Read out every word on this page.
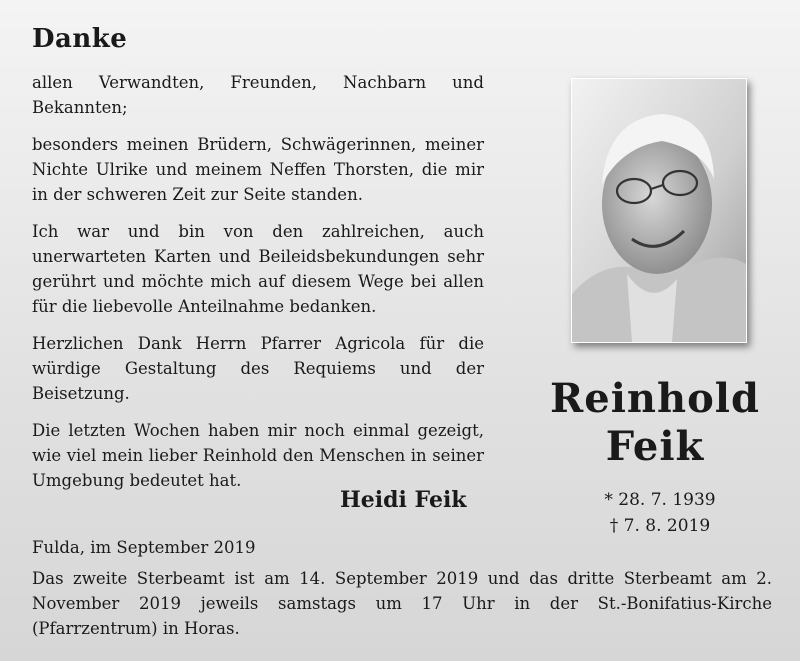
Danke

allen Verwandten, Freunden, Nachbarn und Bekannten;

besonders meinen Brüdern, Schwägerinnen, meiner Nichte Ulrike und meinem Neffen Thorsten, die mir in der schweren Zeit zur Seite standen.

Ich war und bin von den zahlreichen, auch unerwarteten Karten und Beileidsbekundungen sehr gerührt und möchte mich auf diesem Wege bei allen für die liebevolle Anteilnahme bedanken.

Herzlichen Dank Herrn Pfarrer Agricola für die würdige Gestaltung des Requiems und der Beisetzung.

Die letzten Wochen haben mir noch einmal gezeigt, wie viel mein lieber Reinhold den Menschen in seiner Umgebung bedeutet hat.

Heidi Feik
Reinhold
Feik
* 28. 7. 1939
† 7. 8. 2019
Fulda, im September 2019
Das zweite Sterbeamt ist am 14. September 2019 und das dritte Sterbeamt am 2. November 2019 jeweils samstags um 17 Uhr in der St.-Bonifatius-Kirche (Pfarrzentrum) in Horas.
